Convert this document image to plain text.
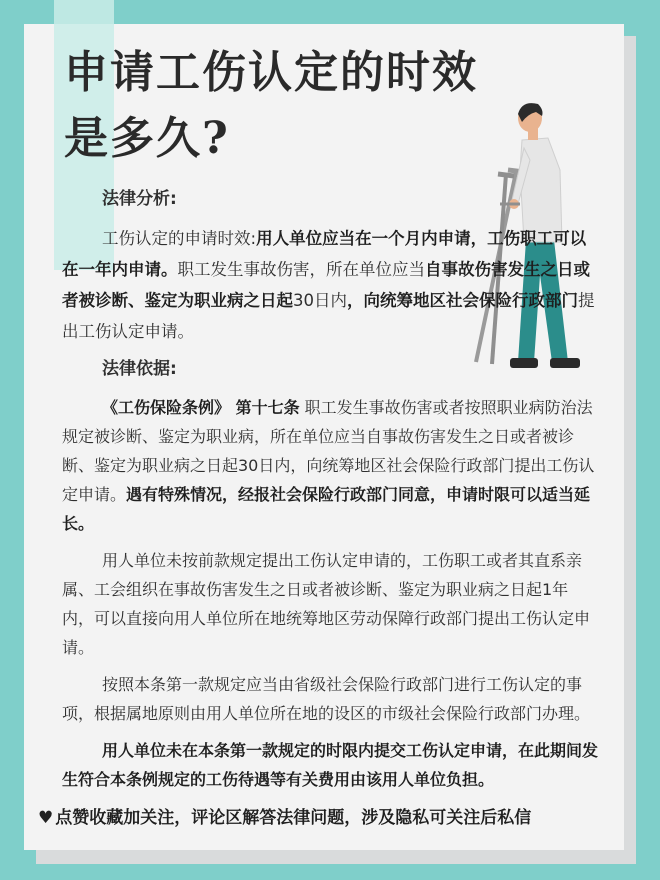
申请工伤认定的时效
是多久?
法律分析:
工伤认定的申请时效:用人单位应当在一个月内申请，工伤职工可以在一年内申请。职工发生事故伤害，所在单位应当自事故伤害发生之日或者被诊断、鉴定为职业病之日起30日内，向统筹地区社会保险行政部门提出工伤认定申请。
法律依据:
《工伤保险条例》 第十七条 职工发生事故伤害或者按照职业病防治法规定被诊断、鉴定为职业病，所在单位应当自事故伤害发生之日或者被诊断、鉴定为职业病之日起30日内，向统筹地区社会保险行政部门提出工伤认定申请。遇有特殊情况，经报社会保险行政部门同意，申请时限可以适当延长。
用人单位未按前款规定提出工伤认定申请的，工伤职工或者其直系亲属、工会组织在事故伤害发生之日或者被诊断、鉴定为职业病之日起1年内，可以直接向用人单位所在地统筹地区劳动保障行政部门提出工伤认定申请。
按照本条第一款规定应当由省级社会保险行政部门进行工伤认定的事项，根据属地原则由用人单位所在地的设区的市级社会保险行政部门办理。
用人单位未在本条第一款规定的时限内提交工伤认定申请，在此期间发生符合本条例规定的工伤待遇等有关费用由该用人单位负担。
♥ 点赞收藏加关注，评论区解答法律问题，涉及隐私可关注后私信
